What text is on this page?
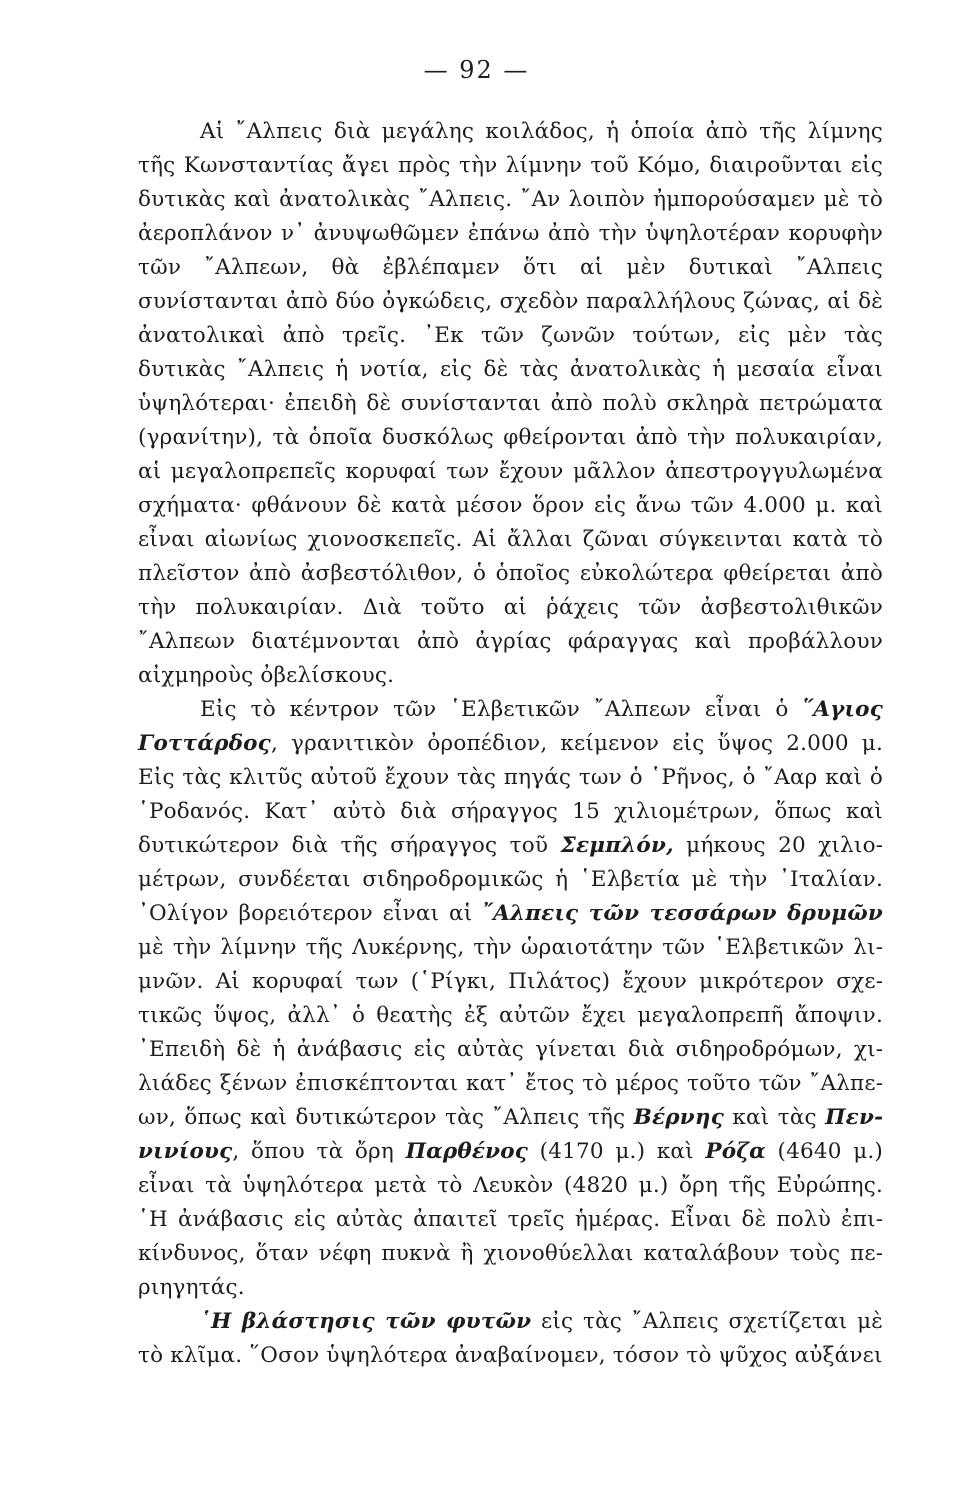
— 92 —

Αἱ ῎Αλπεις διὰ μεγάλης κοιλάδος, ἡ ὁποία ἀπὸ τῆς λίμνης τῆς Κωνσταντίας ἄγει πρὸς τὴν λίμνην τοῦ Κόμο, διαιροῦνται εἰς δυτικὰς καὶ ἀνατολικὰς ῎Αλπεις. ῎Αν λοιπὸν ἠμπορούσαμεν μὲ τὸ ἀεροπλάνον ν᾽ ἀνυψωθῶμεν ἐπάνω ἀπὸ τὴν ὑψηλοτέραν κορυφὴν τῶν ῎Αλπεων, θὰ ἐβλέπαμεν ὅτι αἱ μὲν δυτικαὶ ῎Αλπεις συνίστανται ἀπὸ δύο ὀγκώδεις, σχεδὸν παραλλήλους ζώνας, αἱ δὲ ἀνατολικαὶ ἀπὸ τρεῖς. ᾽Εκ τῶν ζωνῶν τούτων, εἰς μὲν τὰς δυτικὰς ῎Αλπεις ἡ νοτία, εἰς δὲ τὰς ἀνατολικὰς ἡ μεσαία εἶναι ὑψηλότεραι· ἐπειδὴ δὲ συνίστανται ἀπὸ πολὺ σκληρὰ πετρώματα (γρανίτην), τὰ ὁποῖα δυσκόλως φθείρονται ἀπὸ τὴν πολυκαιρίαν, αἱ μεγαλοπρεπεῖς κορυφαί των ἔχουν μᾶλλον ἀπεστρογγυλωμένα σχήματα· φθάνουν δὲ κατὰ μέσον ὅρον εἰς ἄνω τῶν 4.000 μ. καὶ εἶναι αἰωνίως χιονοσκεπεῖς. Αἱ ἄλλαι ζῶναι σύγκεινται κατὰ τὸ πλεῖστον ἀπὸ ἀσβεστόλιθον, ὁ ὁποῖος εὐκολώτερα φθείρεται ἀπὸ τὴν πολυκαιρίαν. Διὰ τοῦτο αἱ ῥάχεις τῶν ἀσβεστολιθικῶν ῎Αλπεων διατέμνονται ἀπὸ ἀγρίας φάραγγας καὶ προβάλλουν αἰχμηροὺς ὀβελίσκους.

Εἰς τὸ κέντρον τῶν ῾Ελβετικῶν ῎Αλπεων εἶναι ὁ ῞Αγιος Γοττάρδος, γρανιτικὸν ὀροπέδιον, κείμενον εἰς ὕψος 2.000 μ. Εἰς τὰς κλιτῦς αὐτοῦ ἔχουν τὰς πηγάς των ὁ ῾Ρῆνος, ὁ ῎Ααρ καὶ ὁ ῾Ροδανός. Κατ᾽ αὐτὸ διὰ σήραγγος 15 χιλιομέτρων, ὅπως καὶ δυτικώτερον διὰ τῆς σήραγγος τοῦ Σεμπλόν, μήκους 20 χιλιομέτρων, συνδέεται σιδηροδρομικῶς ἡ ῾Ελβετία μὲ τὴν ᾽Ιταλίαν. ᾽Ολίγον βορειότερον εἶναι αἱ ῎Αλπεις τῶν τεσσάρων δρυμῶν μὲ τὴν λίμνην τῆς Λυκέρνης, τὴν ὡραιοτάτην τῶν ῾Ελβετικῶν λιμνῶν. Αἱ κορυφαί των (῾Ρίγκι, Πιλάτος) ἔχουν μικρότερον σχετικῶς ὕψος, ἀλλ᾽ ὁ θεατὴς ἐξ αὐτῶν ἔχει μεγαλοπρεπῆ ἄποψιν. ᾽Επειδὴ δὲ ἡ ἀνάβασις εἰς αὐτὰς γίνεται διὰ σιδηροδρόμων, χιλιάδες ξένων ἐπισκέπτονται κατ᾽ ἔτος τὸ μέρος τοῦτο τῶν ῎Αλπεων, ὅπως καὶ δυτικώτερον τὰς ῎Αλπεις τῆς Βέρνης καὶ τὰς Πεννινίους, ὅπου τὰ ὄρη Παρθένος (4170 μ.) καὶ Ρόζα (4640 μ.) εἶναι τὰ ὑψηλότερα μετὰ τὸ Λευκὸν (4820 μ.) ὄρη τῆς Εὐρώπης. ῾Η ἀνάβασις εἰς αὐτὰς ἀπαιτεῖ τρεῖς ἡμέρας. Εἶναι δὲ πολὺ ἐπικίνδυνος, ὅταν νέφη πυκνὰ ἢ χιονοθύελλαι καταλάβουν τοὺς περιηγητάς.

῾Η βλάστησις τῶν φυτῶν εἰς τὰς ῎Αλπεις σχετίζεται μὲ τὸ κλῖμα. ῞Οσον ὑψηλότερα ἀναβαίνομεν, τόσον τὸ ψῦχος αὐξάνει
